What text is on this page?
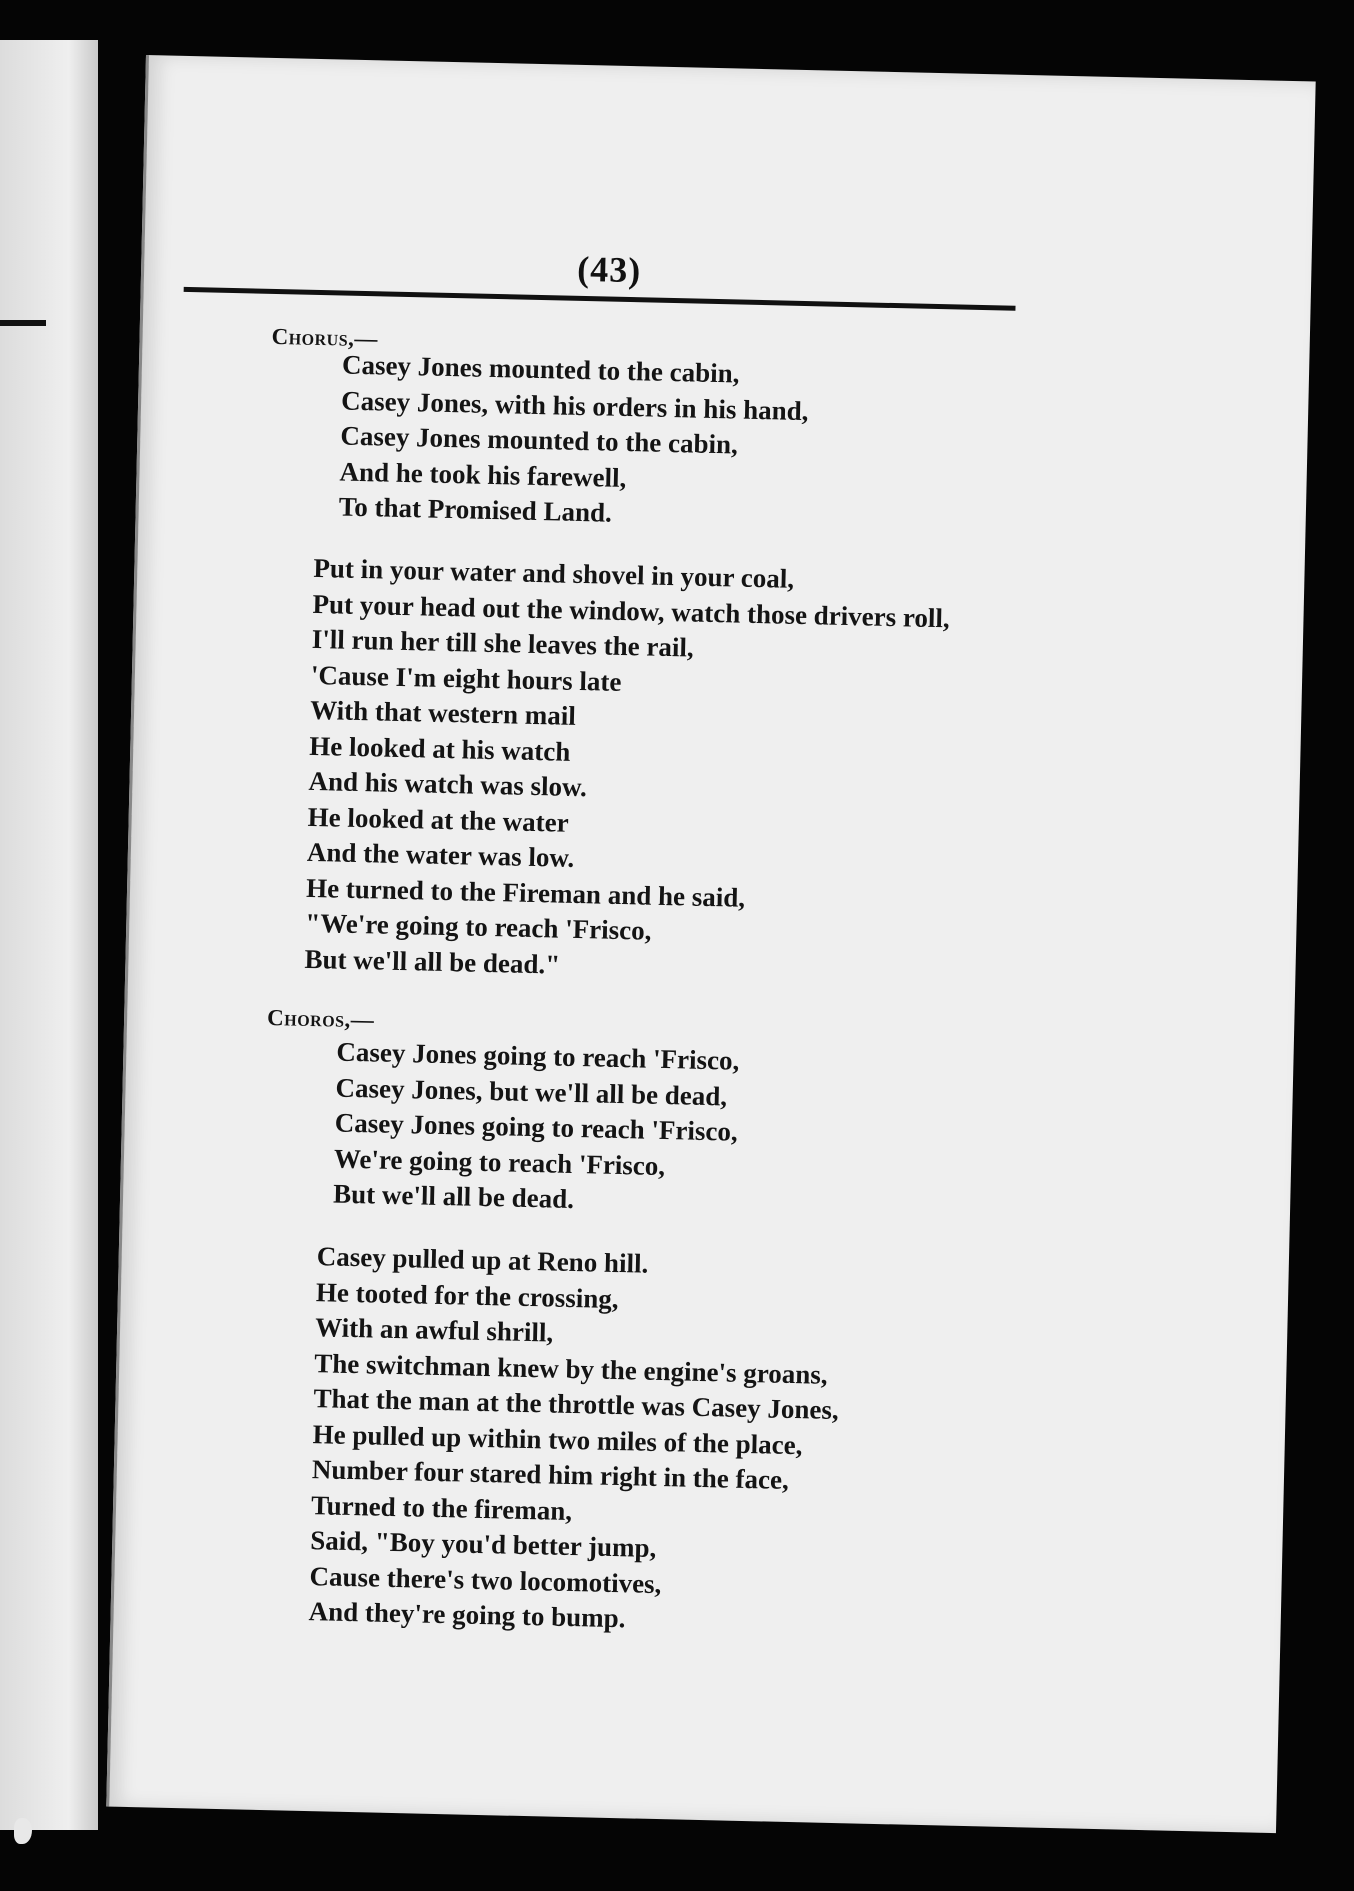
(43)
Chorus,—
Casey Jones mounted to the cabin,
Casey Jones, with his orders in his hand,
Casey Jones mounted to the cabin,
And he took his farewell,
To that Promised Land.
Put in your water and shovel in your coal,
Put your head out the window, watch those drivers roll,
I'll run her till she leaves the rail,
'Cause I'm eight hours late
With that western mail
He looked at his watch
And his watch was slow.
He looked at the water
And the water was low.
He turned to the Fireman and he said,
"We're going to reach 'Frisco,
But we'll all be dead."
Choros,—
Casey Jones going to reach 'Frisco,
Casey Jones, but we'll all be dead,
Casey Jones going to reach 'Frisco,
We're going to reach 'Frisco,
But we'll all be dead.
Casey pulled up at Reno hill.
He tooted for the crossing,
With an awful shrill,
The switchman knew by the engine's groans,
That the man at the throttle was Casey Jones,
He pulled up within two miles of the place,
Number four stared him right in the face,
Turned to the fireman,
Said, "Boy you'd better jump,
Cause there's two locomotives,
And they're going to bump.
